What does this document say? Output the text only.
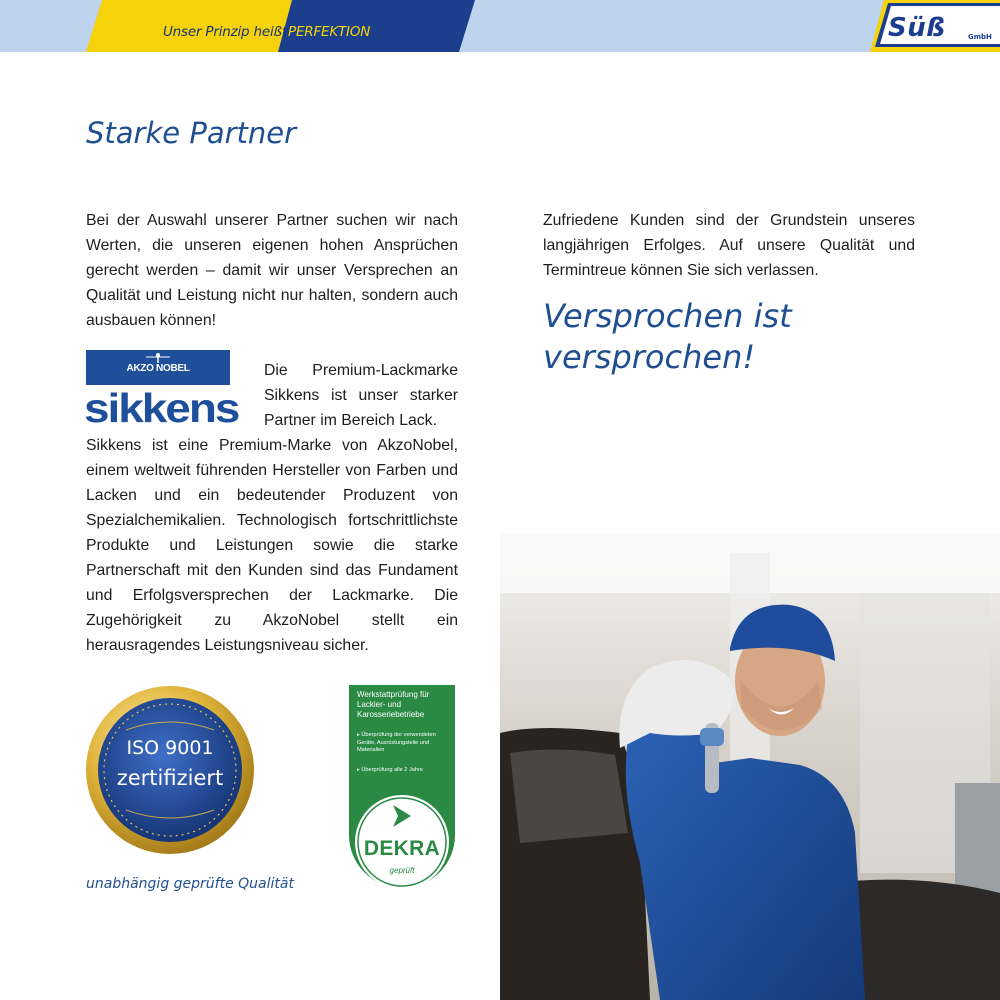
Unser Prinzip heißt PERFEKTION	Süß	GmbH
Starke Partner

Bei der Auswahl unserer Partner suchen wir nach Werten, die unseren eigenen hohen Ansprüchen gerecht werden – damit wir unser Versprechen an Qualität und Leistung nicht nur halten, sondern auch ausbauen können!

AKZO NOBEL
sikkens

Die Premium-Lackmarke Sikkens ist unser starker Partner im Bereich Lack.

Sikkens ist eine Premium-Marke von AkzoNobel, einem weltweit führenden Hersteller von Farben und Lacken und ein bedeutender Produzent von Spezialchemikalien. Technologisch fortschrittlichste Produkte und Leistungen sowie die starke Partnerschaft mit den Kunden sind das Fundament und Erfolgsversprechen der Lackmarke. Die Zugehörigkeit zu AkzoNobel stellt ein herausragendes Leistungsniveau sicher.

Zufriedene Kunden sind der Grundstein unseres langjährigen Erfolges. Auf unsere Qualität und Termintreue können Sie sich verlassen.

Versprochen ist versprochen!
ISO 9001
zertifiziert
unabhängig geprüfte Qualität
Werkstattprüfung für Lackier- und Karosseriebetriebe
▸ Überprüfung der verwendeten Geräte, Ausrüstungsteile und Materialien
▸ Überprüfung alle 2 Jahre
DEKRA
geprüft
